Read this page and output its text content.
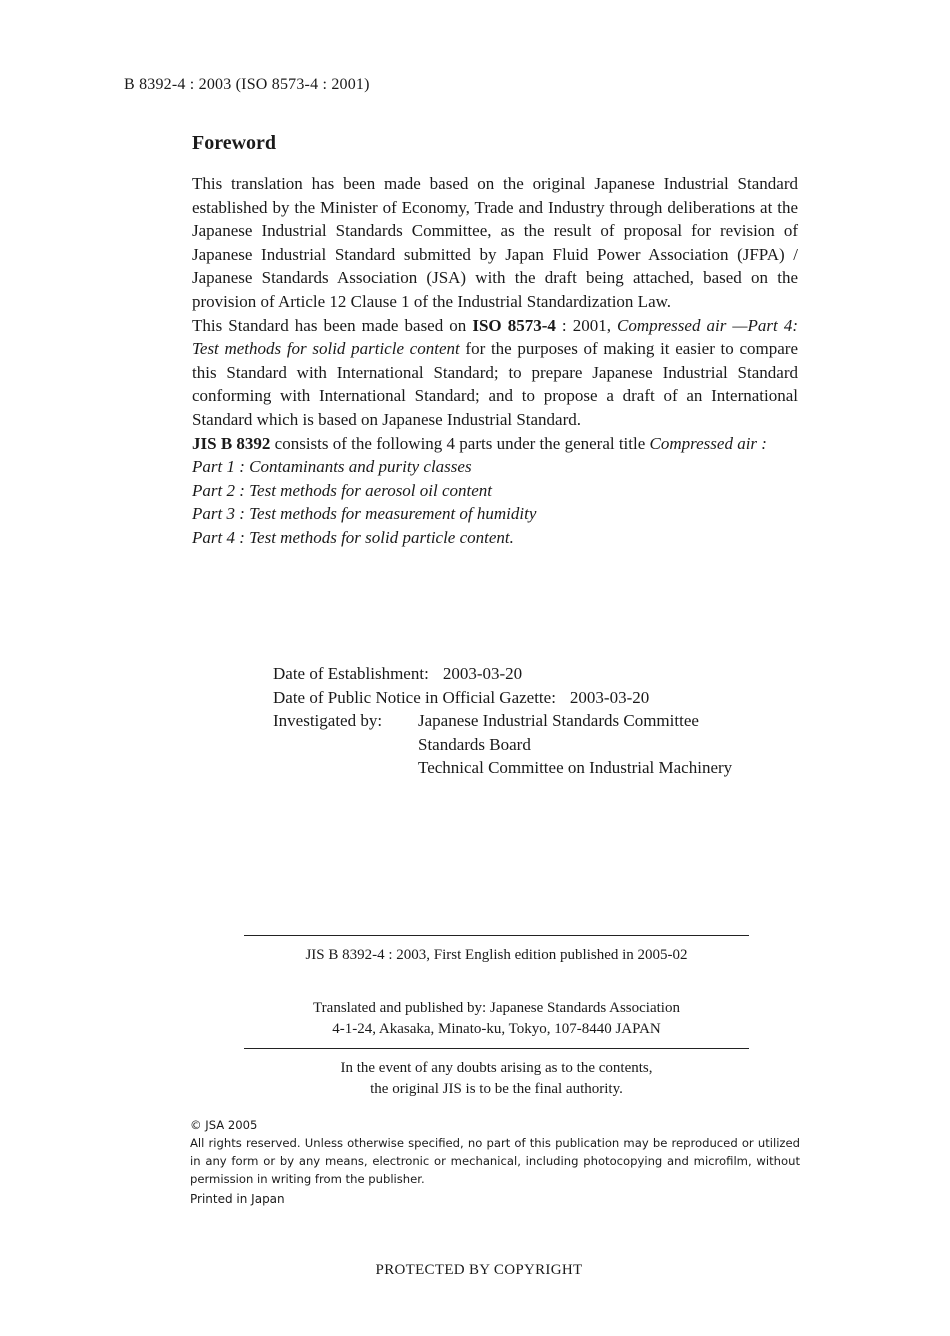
B 8392-4 : 2003 (ISO 8573-4 : 2001)
Foreword

This translation has been made based on the original Japanese Industrial Standard established by the Minister of Economy, Trade and Industry through deliberations at the Japanese Industrial Standards Committee, as the result of proposal for revision of Japanese Industrial Standard submitted by Japan Fluid Power Association (JFPA) / Japanese Standards Association (JSA) with the draft being attached, based on the provision of Article 12 Clause 1 of the Industrial Standardization Law.

This Standard has been made based on ISO 8573-4 : 2001, Compressed air —Part 4: Test methods for solid particle content for the purposes of making it easier to compare this Standard with International Standard; to prepare Japanese Industrial Standard conforming with International Standard; and to propose a draft of an International Standard which is based on Japanese Industrial Standard.

JIS B 8392 consists of the following 4 parts under the general title Compressed air :

Part 1 : Contaminants and purity classes
Part 2 : Test methods for aerosol oil content
Part 3 : Test methods for measurement of humidity
Part 4 : Test methods for solid particle content.
Date of Establishment: 2003-03-20
Date of Public Notice in Official Gazette: 2003-03-20
Investigated by:	Japanese Industrial Standards Committee
Standards Board
Technical Committee on Industrial Machinery
JIS B 8392-4 : 2003, First English edition published in 2005-02
Translated and published by: Japanese Standards Association
4-1-24, Akasaka, Minato-ku, Tokyo, 107-8440 JAPAN
In the event of any doubts arising as to the contents,
the original JIS is to be the final authority.
© JSA 2005
All rights reserved. Unless otherwise specified, no part of this publication may be reproduced or utilized in any form or by any means, electronic or mechanical, including photocopying and microfilm, without permission in writing from the publisher.
Printed in Japan
PROTECTED BY COPYRIGHT
